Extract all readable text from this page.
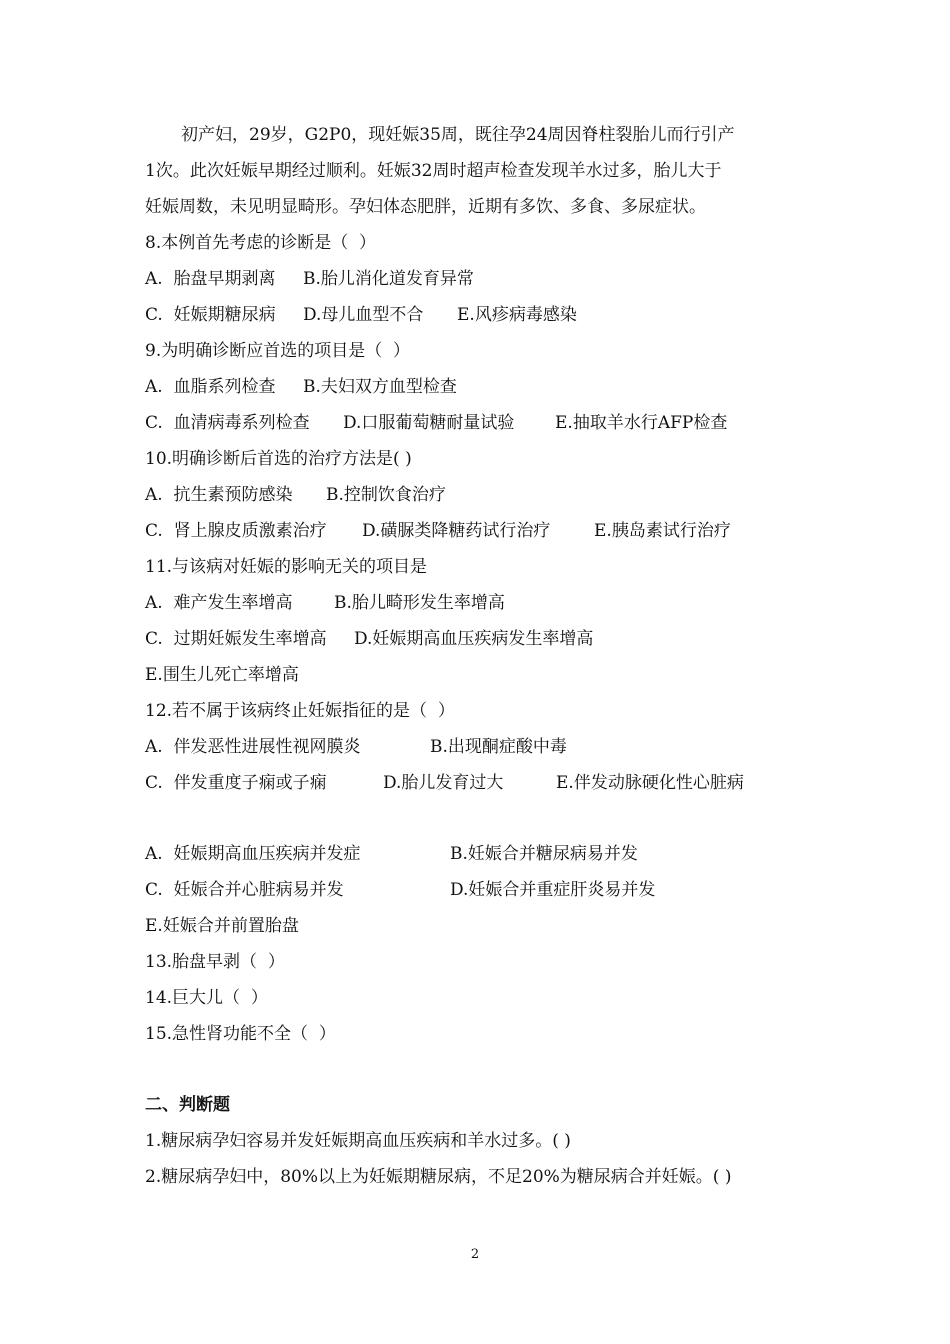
初产妇，29岁，G2P0，现妊娠35周，既往孕24周因脊柱裂胎儿而行引产
1次。此次妊娠早期经过顺利。妊娠32周时超声检查发现羊水过多，胎儿大于
妊娠周数，未见明显畸形。孕妇体态肥胖，近期有多饮、多食、多尿症状。
8.本例首先考虑的诊断是（  ）
A.  胎盘早期剥离 B.胎儿消化道发育异常
C.  妊娠期糖尿病 D.母儿血型不合 E.风疹病毒感染
9.为明确诊断应首选的项目是（  ）
A.  血脂系列检查 B.夫妇双方血型检查
C.  血清病毒系列检查 D.口服葡萄糖耐量试验 E.抽取羊水行AFP检查
10.明确诊断后首选的治疗方法是( )
A.  抗生素预防感染 B.控制饮食治疗
C.  肾上腺皮质激素治疗 D.磺脲类降糖药试行治疗	E.胰岛素试行治疗
11.与该病对妊娠的影响无关的项目是
A.  难产发生率增高 B.胎儿畸形发生率增高
C.  过期妊娠发生率增高 D.妊娠期高血压疾病发生率增高
E.围生儿死亡率增高
12.若不属于该病终止妊娠指征的是（  ）
A.  伴发恶性进展性视网膜炎	B.出现酮症酸中毒
C.  伴发重度子痫或子痫	D.胎儿发育过大	E.伴发动脉硬化性心脏病
A.  妊娠期高血压疾病并发症	B.妊娠合并糖尿病易并发
C.  妊娠合并心脏病易并发	D.妊娠合并重症肝炎易并发
E.妊娠合并前置胎盘
13.胎盘早剥（  ）
14.巨大儿（  ）
15.急性肾功能不全（  ）
二、判断题
1.糖尿病孕妇容易并发妊娠期高血压疾病和羊水过多。( )
2.糖尿病孕妇中，80%以上为妊娠期糖尿病，不足20%为糖尿病合并妊娠。( )
2
